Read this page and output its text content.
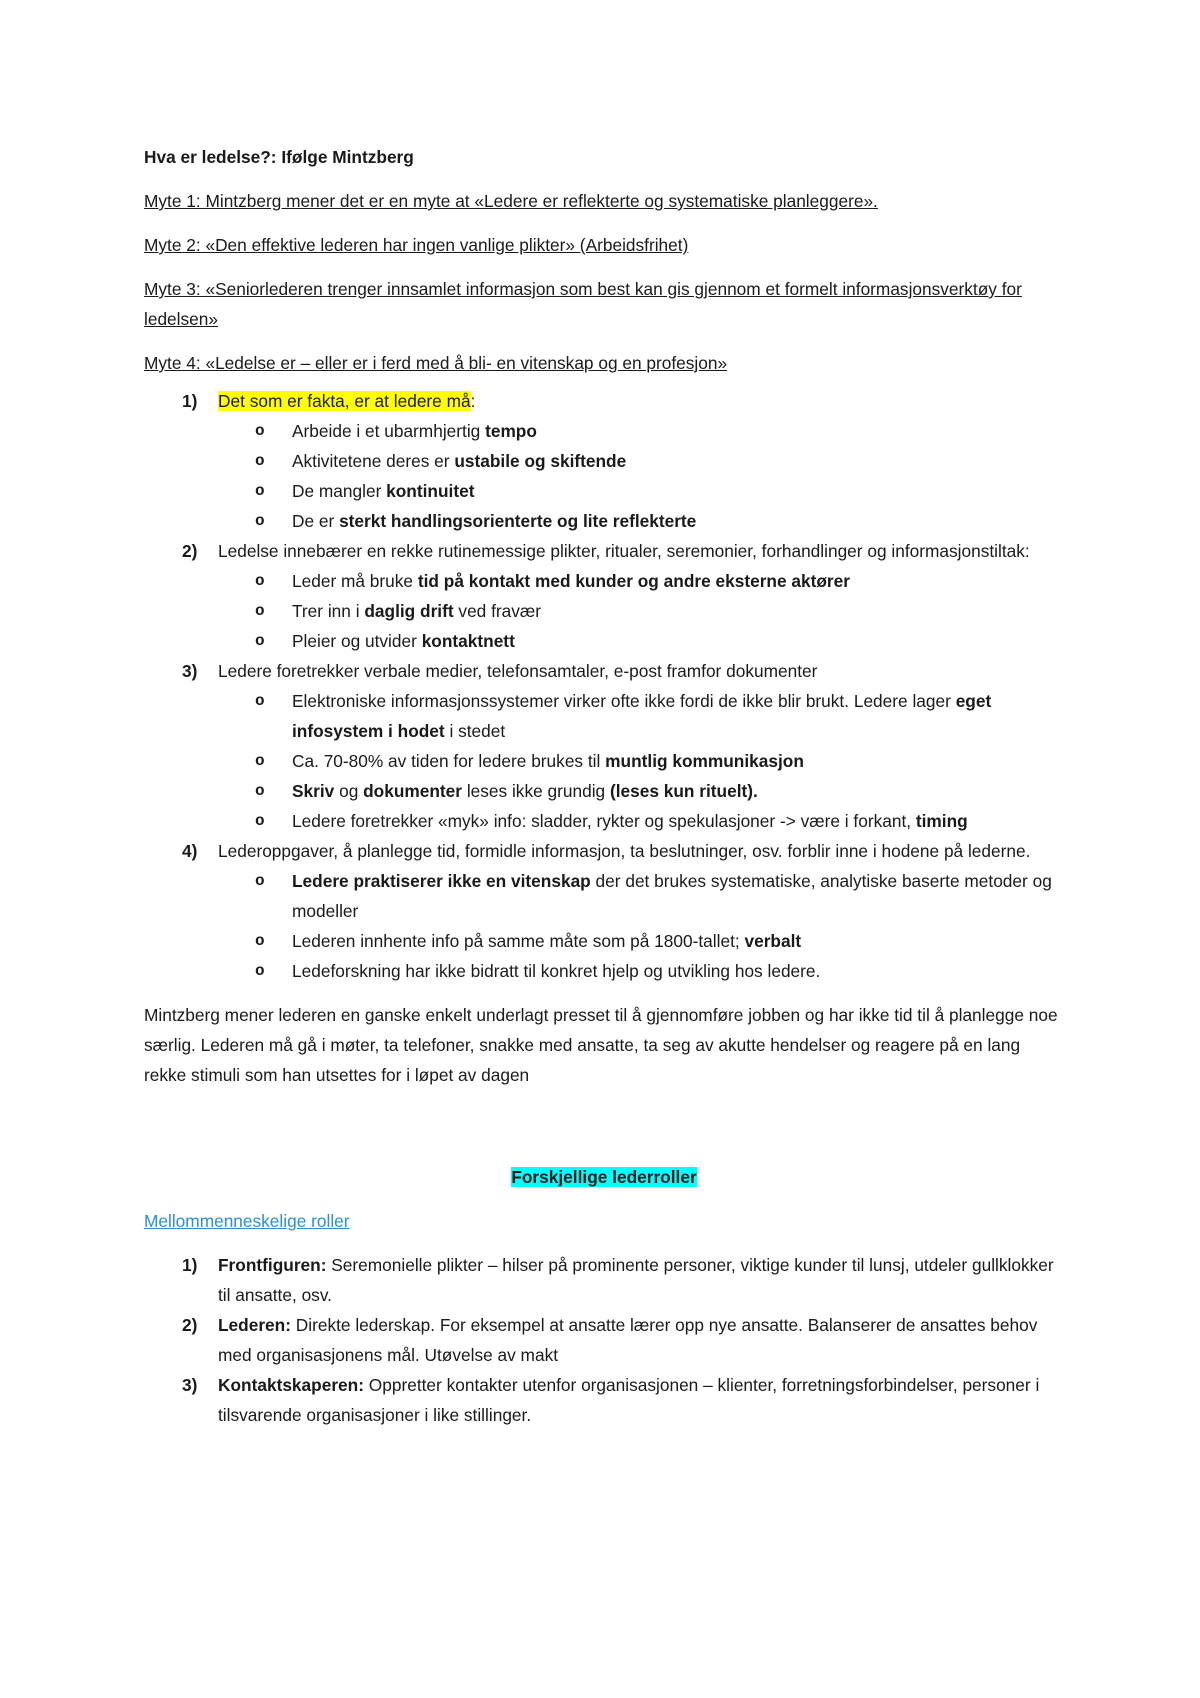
Hva er ledelse?: Ifølge Mintzberg

Myte 1: Mintzberg mener det er en myte at «Ledere er reflekterte og systematiske planleggere».

Myte 2: «Den effektive lederen har ingen vanlige plikter» (Arbeidsfrihet)

Myte 3: «Seniorlederen trenger innsamlet informasjon som best kan gis gjennom et formelt informasjonsverktøy for ledelsen»

Myte 4: «Ledelse er – eller er i ferd med å bli- en vitenskap og en profesjon»

1) Det som er fakta, er at ledere må:
o Arbeide i et ubarmhjertig tempo
o Aktivitetene deres er ustabile og skiftende
o De mangler kontinuitet
o De er sterkt handlingsorienterte og lite reflekterte
2) Ledelse innebærer en rekke rutinemessige plikter, ritualer, seremonier, forhandlinger og informasjonstiltak:
o Leder må bruke tid på kontakt med kunder og andre eksterne aktører
o Trer inn i daglig drift ved fravær
o Pleier og utvider kontaktnett
3) Ledere foretrekker verbale medier, telefonsamtaler, e-post framfor dokumenter
o Elektroniske informasjonssystemer virker ofte ikke fordi de ikke blir brukt. Ledere lager eget infosystem i hodet i stedet
o Ca. 70-80% av tiden for ledere brukes til muntlig kommunikasjon
o Skriv og dokumenter leses ikke grundig (leses kun rituelt).
o Ledere foretrekker «myk» info: sladder, rykter og spekulasjoner -> være i forkant, timing
4) Lederoppgaver, å planlegge tid, formidle informasjon, ta beslutninger, osv. forblir inne i hodene på lederne.
o Ledere praktiserer ikke en vitenskap der det brukes systematiske, analytiske baserte metoder og modeller
o Lederen innhente info på samme måte som på 1800-tallet; verbalt
o Ledeforskning har ikke bidratt til konkret hjelp og utvikling hos ledere.

Mintzberg mener lederen en ganske enkelt underlagt presset til å gjennomføre jobben og har ikke tid til å planlegge noe særlig. Lederen må gå i møter, ta telefoner, snakke med ansatte, ta seg av akutte hendelser og reagere på en lang rekke stimuli som han utsettes for i løpet av dagen

Forskjellige lederroller

Mellommenneskelige roller

1) Frontfiguren: Seremonielle plikter – hilser på prominente personer, viktige kunder til lunsj, utdeler gullklokker til ansatte, osv.
2) Lederen: Direkte lederskap. For eksempel at ansatte lærer opp nye ansatte. Balanserer de ansattes behov med organisasjonens mål. Utøvelse av makt
3) Kontaktskaperen: Oppretter kontakter utenfor organisasjonen – klienter, forretningsforbindelser, personer i tilsvarende organisasjoner i like stillinger.
